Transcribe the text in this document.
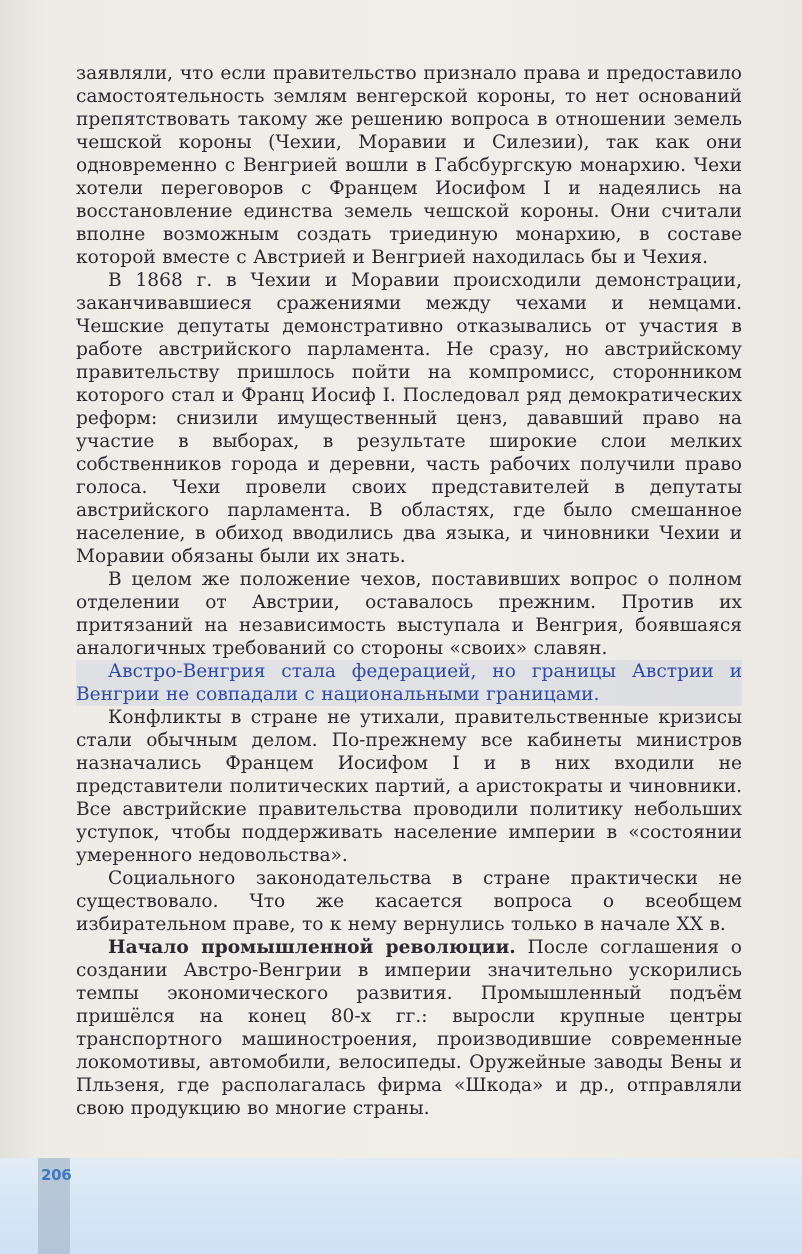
заявляли, что если правительство признало права и предоставило самостоятельность землям венгерской короны, то нет оснований препятствовать такому же решению вопроса в отношении земель чешской короны (Чехии, Моравии и Силезии), так как они одновременно с Венгрией вошли в Габсбургскую монархию. Чехи хотели переговоров с Францем Иосифом I и надеялись на восстановление единства земель чешской короны. Они считали вполне возможным создать триединую монархию, в составе которой вместе с Австрией и Венгрией находилась бы и Чехия.

В 1868 г. в Чехии и Моравии происходили демонстрации, заканчивавшиеся сражениями между чехами и немцами. Чешские депутаты демонстративно отказывались от участия в работе австрийского парламента. Не сразу, но австрийскому правительству пришлось пойти на компромисс, сторонником которого стал и Франц Иосиф I. Последовал ряд демократических реформ: снизили имущественный ценз, дававший право на участие в выборах, в результате широкие слои мелких собственников города и деревни, часть рабочих получили право голоса. Чехи провели своих представителей в депутаты австрийского парламента. В областях, где было смешанное население, в обиход вводились два языка, и чиновники Чехии и Моравии обязаны были их знать.

В целом же положение чехов, поставивших вопрос о полном отделении от Австрии, оставалось прежним. Против их притязаний на независимость выступала и Венгрия, боявшаяся аналогичных требований со стороны «своих» славян.

Австро-Венгрия стала федерацией, но границы Австрии и Венгрии не совпадали с национальными границами.

Конфликты в стране не утихали, правительственные кризисы стали обычным делом. По-прежнему все кабинеты министров назначались Францем Иосифом I и в них входили не представители политических партий, а аристократы и чиновники. Все австрийские правительства проводили политику небольших уступок, чтобы поддерживать население империи в «состоянии умеренного недовольства».

Социального законодательства в стране практически не существовало. Что же касается вопроса о всеобщем избирательном праве, то к нему вернулись только в начале XX в.

Начало промышленной революции. После соглашения о создании Австро-Венгрии в империи значительно ускорились темпы экономического развития. Промышленный подъём пришёлся на конец 80-х гг.: выросли крупные центры транспортного машиностроения, производившие современные локомотивы, автомобили, велосипеды. Оружейные заводы Вены и Пльзеня, где располагалась фирма «Шкода» и др., отправляли свою продукцию во многие страны.

206
